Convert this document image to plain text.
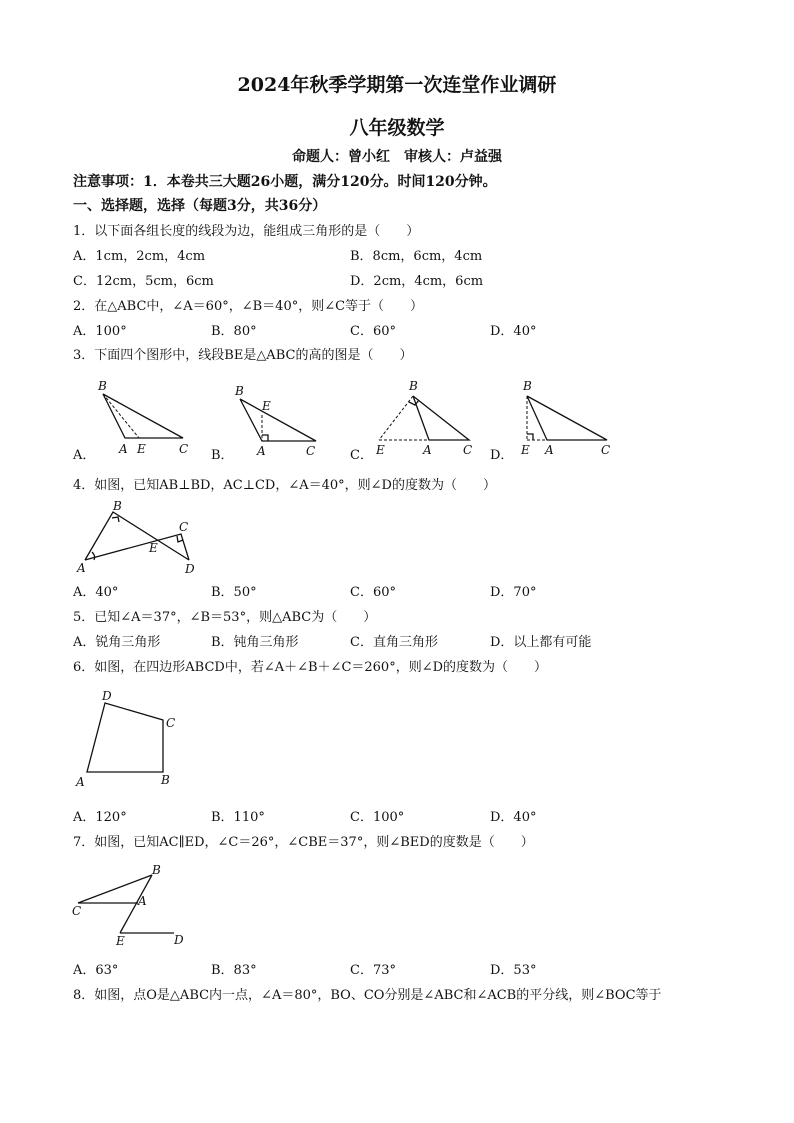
2024年秋季学期第一次连堂作业调研
八年级数学
命题人：曾小红　审核人：卢益强
注意事项：1．本卷共三大题26小题，满分120分。时间120分钟。
一、选择题，选择（每题3分，共36分）
1．以下面各组长度的线段为边，能组成三角形的是（　　）
A．1cm，2cm，4cm	B．8cm，6cm，4cm
C．12cm，5cm，6cm	D．2cm，4cm，6cm
2．在△ABC中，∠A＝60°，∠B＝40°，则∠C等于（　　）
A．100°	B．80°	C．60°	D．40°
3．下面四个图形中，线段BE是△ABC的高的图是（　　）
A．
B
A E	C B．
B
E
A	C	C．
B
E	A	C D．
B
E A	C
4．如图，已知AB⊥BD，AC⊥CD，∠A＝40°，则∠D的度数为（　　）
B
C
A
E
D
A．40°	B．50°	C．60°	D．70°
5．已知∠A＝37°，∠B＝53°，则△ABC为（　　）
A．锐角三角形	B．钝角三角形	C．直角三角形	D．以上都有可能
6．如图，在四边形ABCD中，若∠A＋∠B＋∠C＝260°，则∠D的度数为（　　）
D
C
A	B
A．120°	B．110°	C．100°	D．40°
7．如图，已知AC∥ED，∠C＝26°，∠CBE＝37°，则∠BED的度数是（　　）
B
C
A
E	D
A．63°	B．83°	C．73°	D．53°
8．如图，点O是△ABC内一点，∠A＝80°，BO、CO分别是∠ABC和∠ACB的平分线，则∠BOC等于
